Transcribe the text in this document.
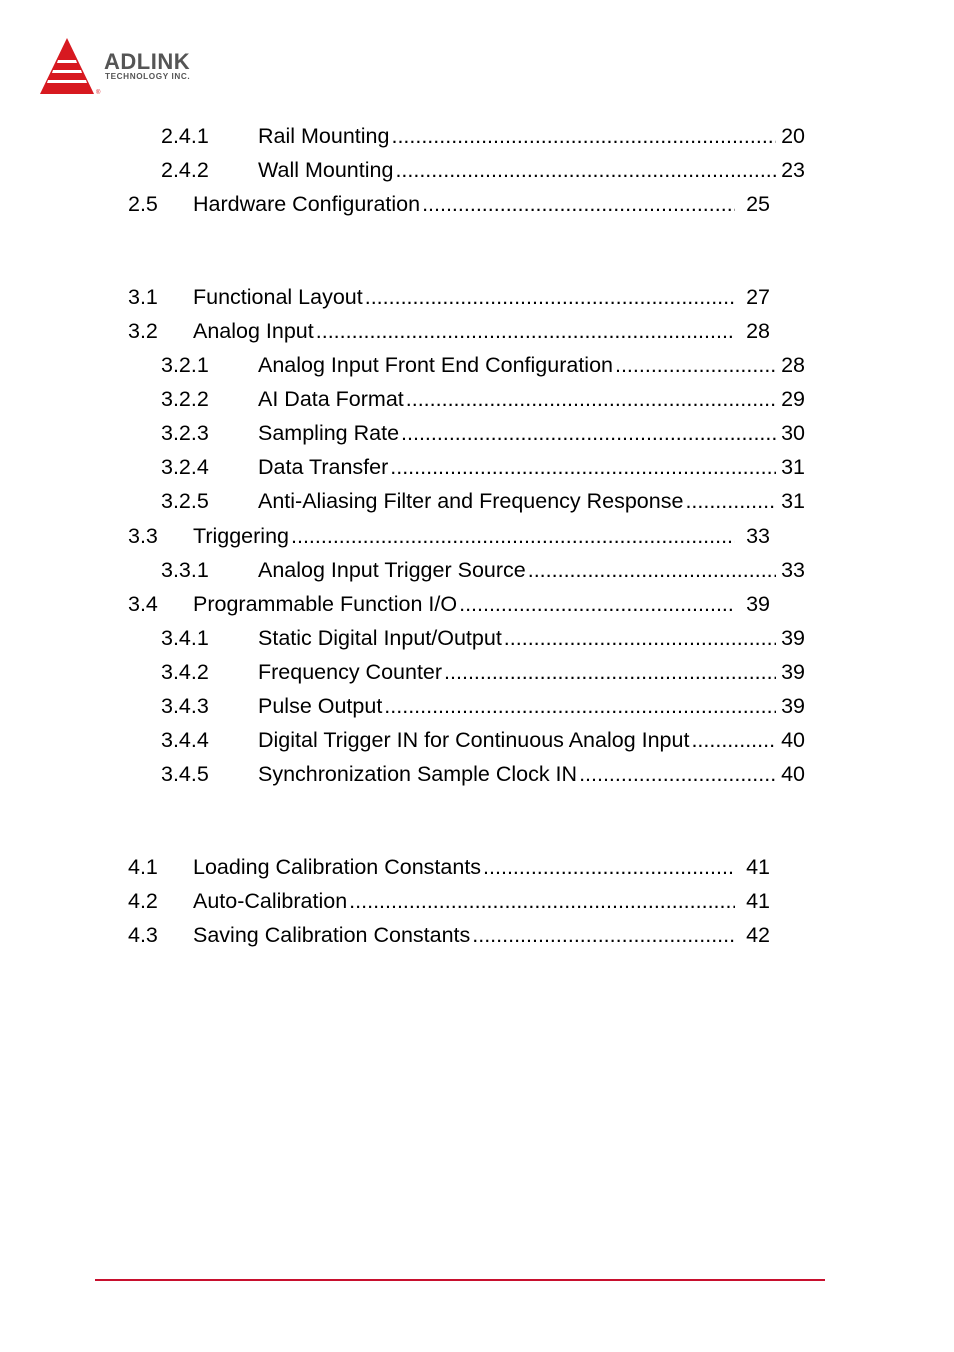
®
ADLINK
TECHNOLOGY INC.
2.4.1	Rail Mounting .....	20
2.4.2	Wall Mounting .....	23
2.5	Hardware Configuration .....	25
3.1	Functional Layout .....	27
3.2	Analog Input .....	28
3.2.1	Analog Input Front End Configuration .....	28
3.2.2	AI Data Format .....	29
3.2.3	Sampling Rate .....	30
3.2.4	Data Transfer .....	31
3.2.5	Anti-Aliasing Filter and Frequency Response .....	31
3.3	Triggering .....	33
3.3.1	Analog Input Trigger Source .....	33
3.4	Programmable Function I/O .....	39
3.4.1	Static Digital Input/Output .....	39
3.4.2	Frequency Counter .....	39
3.4.3	Pulse Output .....	39
3.4.4	Digital Trigger IN for Continuous Analog Input .....	40
3.4.5	Synchronization Sample Clock IN .....	40
4.1	Loading Calibration Constants .....	41
4.2	Auto-Calibration .....	41
4.3	Saving Calibration Constants .....	42
